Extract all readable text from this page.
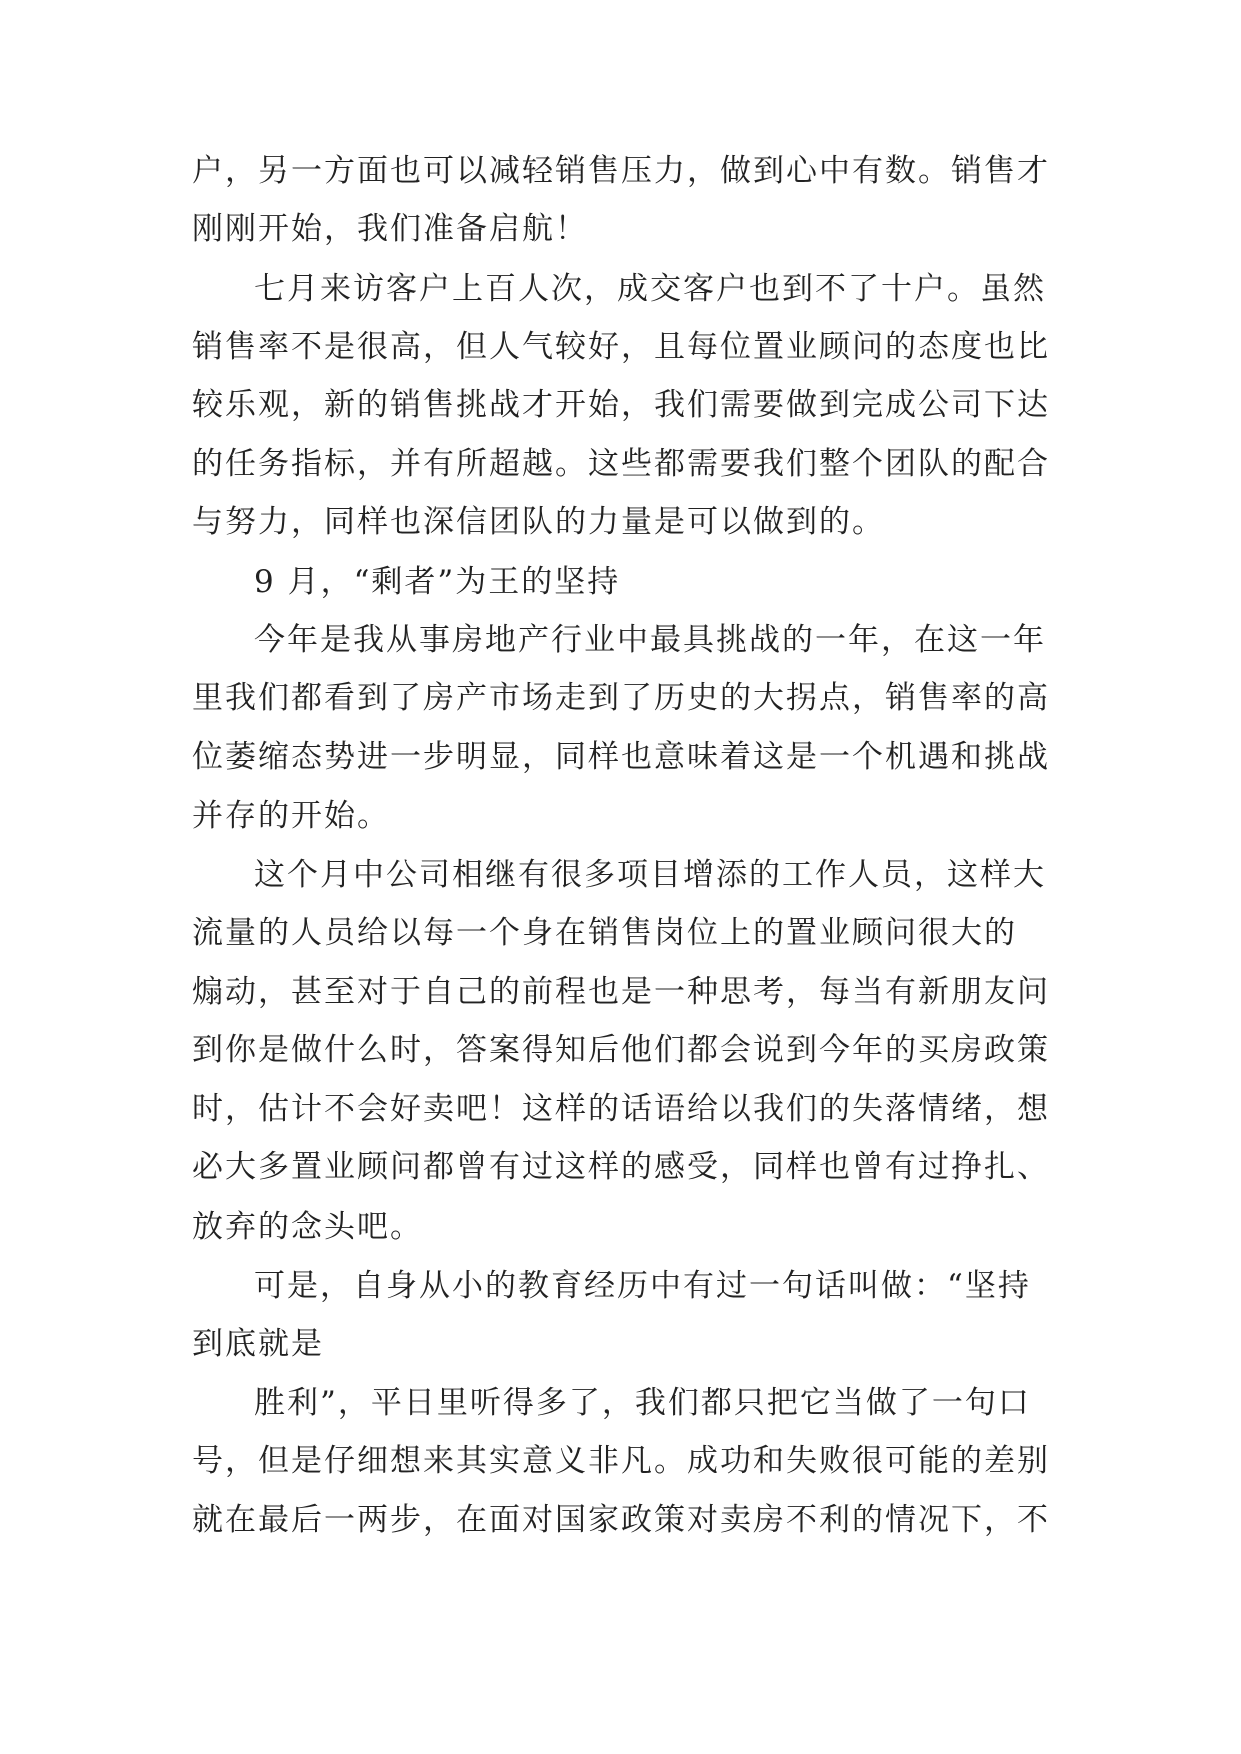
户，另一方面也可以减轻销售压力，做到心中有数。销售才
刚刚开始，我们准备启航！
七月来访客户上百人次，成交客户也到不了十户。虽然
销售率不是很高，但人气较好，且每位置业顾问的态度也比
较乐观，新的销售挑战才开始，我们需要做到完成公司下达
的任务指标，并有所超越。这些都需要我们整个团队的配合
与努力，同样也深信团队的力量是可以做到的。
9 月，“剩者”为王的坚持
今年是我从事房地产行业中最具挑战的一年，在这一年
里我们都看到了房产市场走到了历史的大拐点，销售率的高
位萎缩态势进一步明显，同样也意味着这是一个机遇和挑战
并存的开始。
这个月中公司相继有很多项目增添的工作人员，这样大
流量的人员给以每一个身在销售岗位上的置业顾问很大的
煽动，甚至对于自己的前程也是一种思考，每当有新朋友问
到你是做什么时，答案得知后他们都会说到今年的买房政策
时，估计不会好卖吧！这样的话语给以我们的失落情绪，想
必大多置业顾问都曾有过这样的感受，同样也曾有过挣扎、
放弃的念头吧。
可是，自身从小的教育经历中有过一句话叫做：“坚持
到底就是
胜利”，平日里听得多了，我们都只把它当做了一句口
号，但是仔细想来其实意义非凡。成功和失败很可能的差别
就在最后一两步，在面对国家政策对卖房不利的情况下，不
